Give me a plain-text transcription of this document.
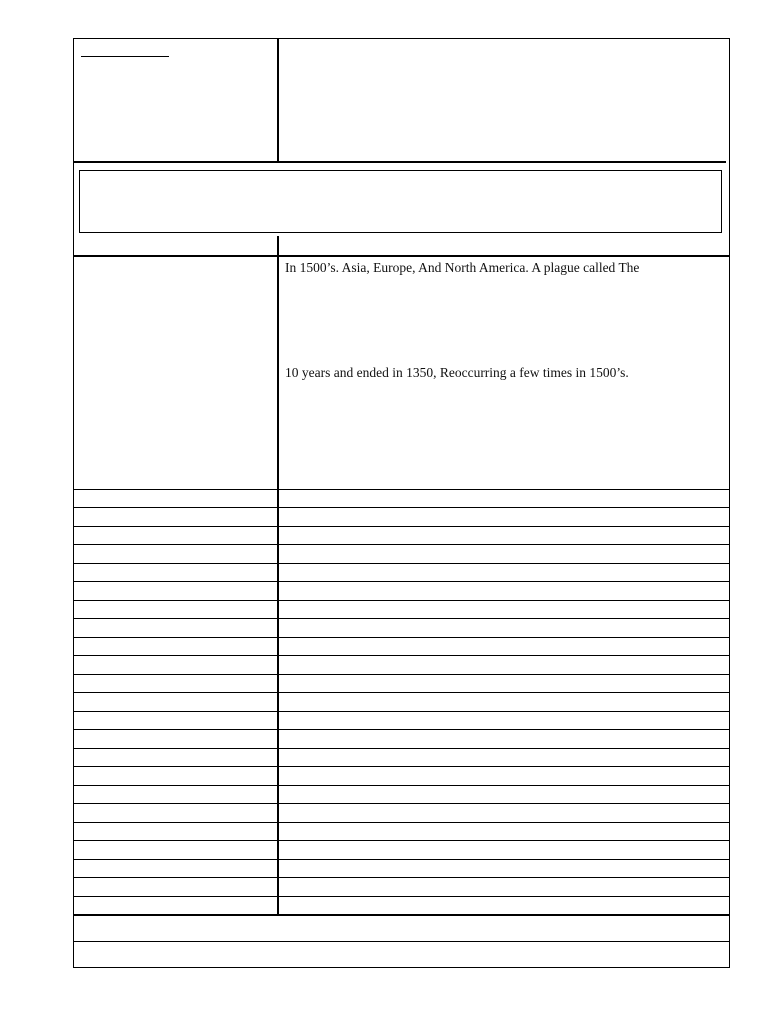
In 1500’s. Asia, Europe, And North America. A plague called The
10 years and ended in 1350, Reoccurring a few times in 1500’s.
